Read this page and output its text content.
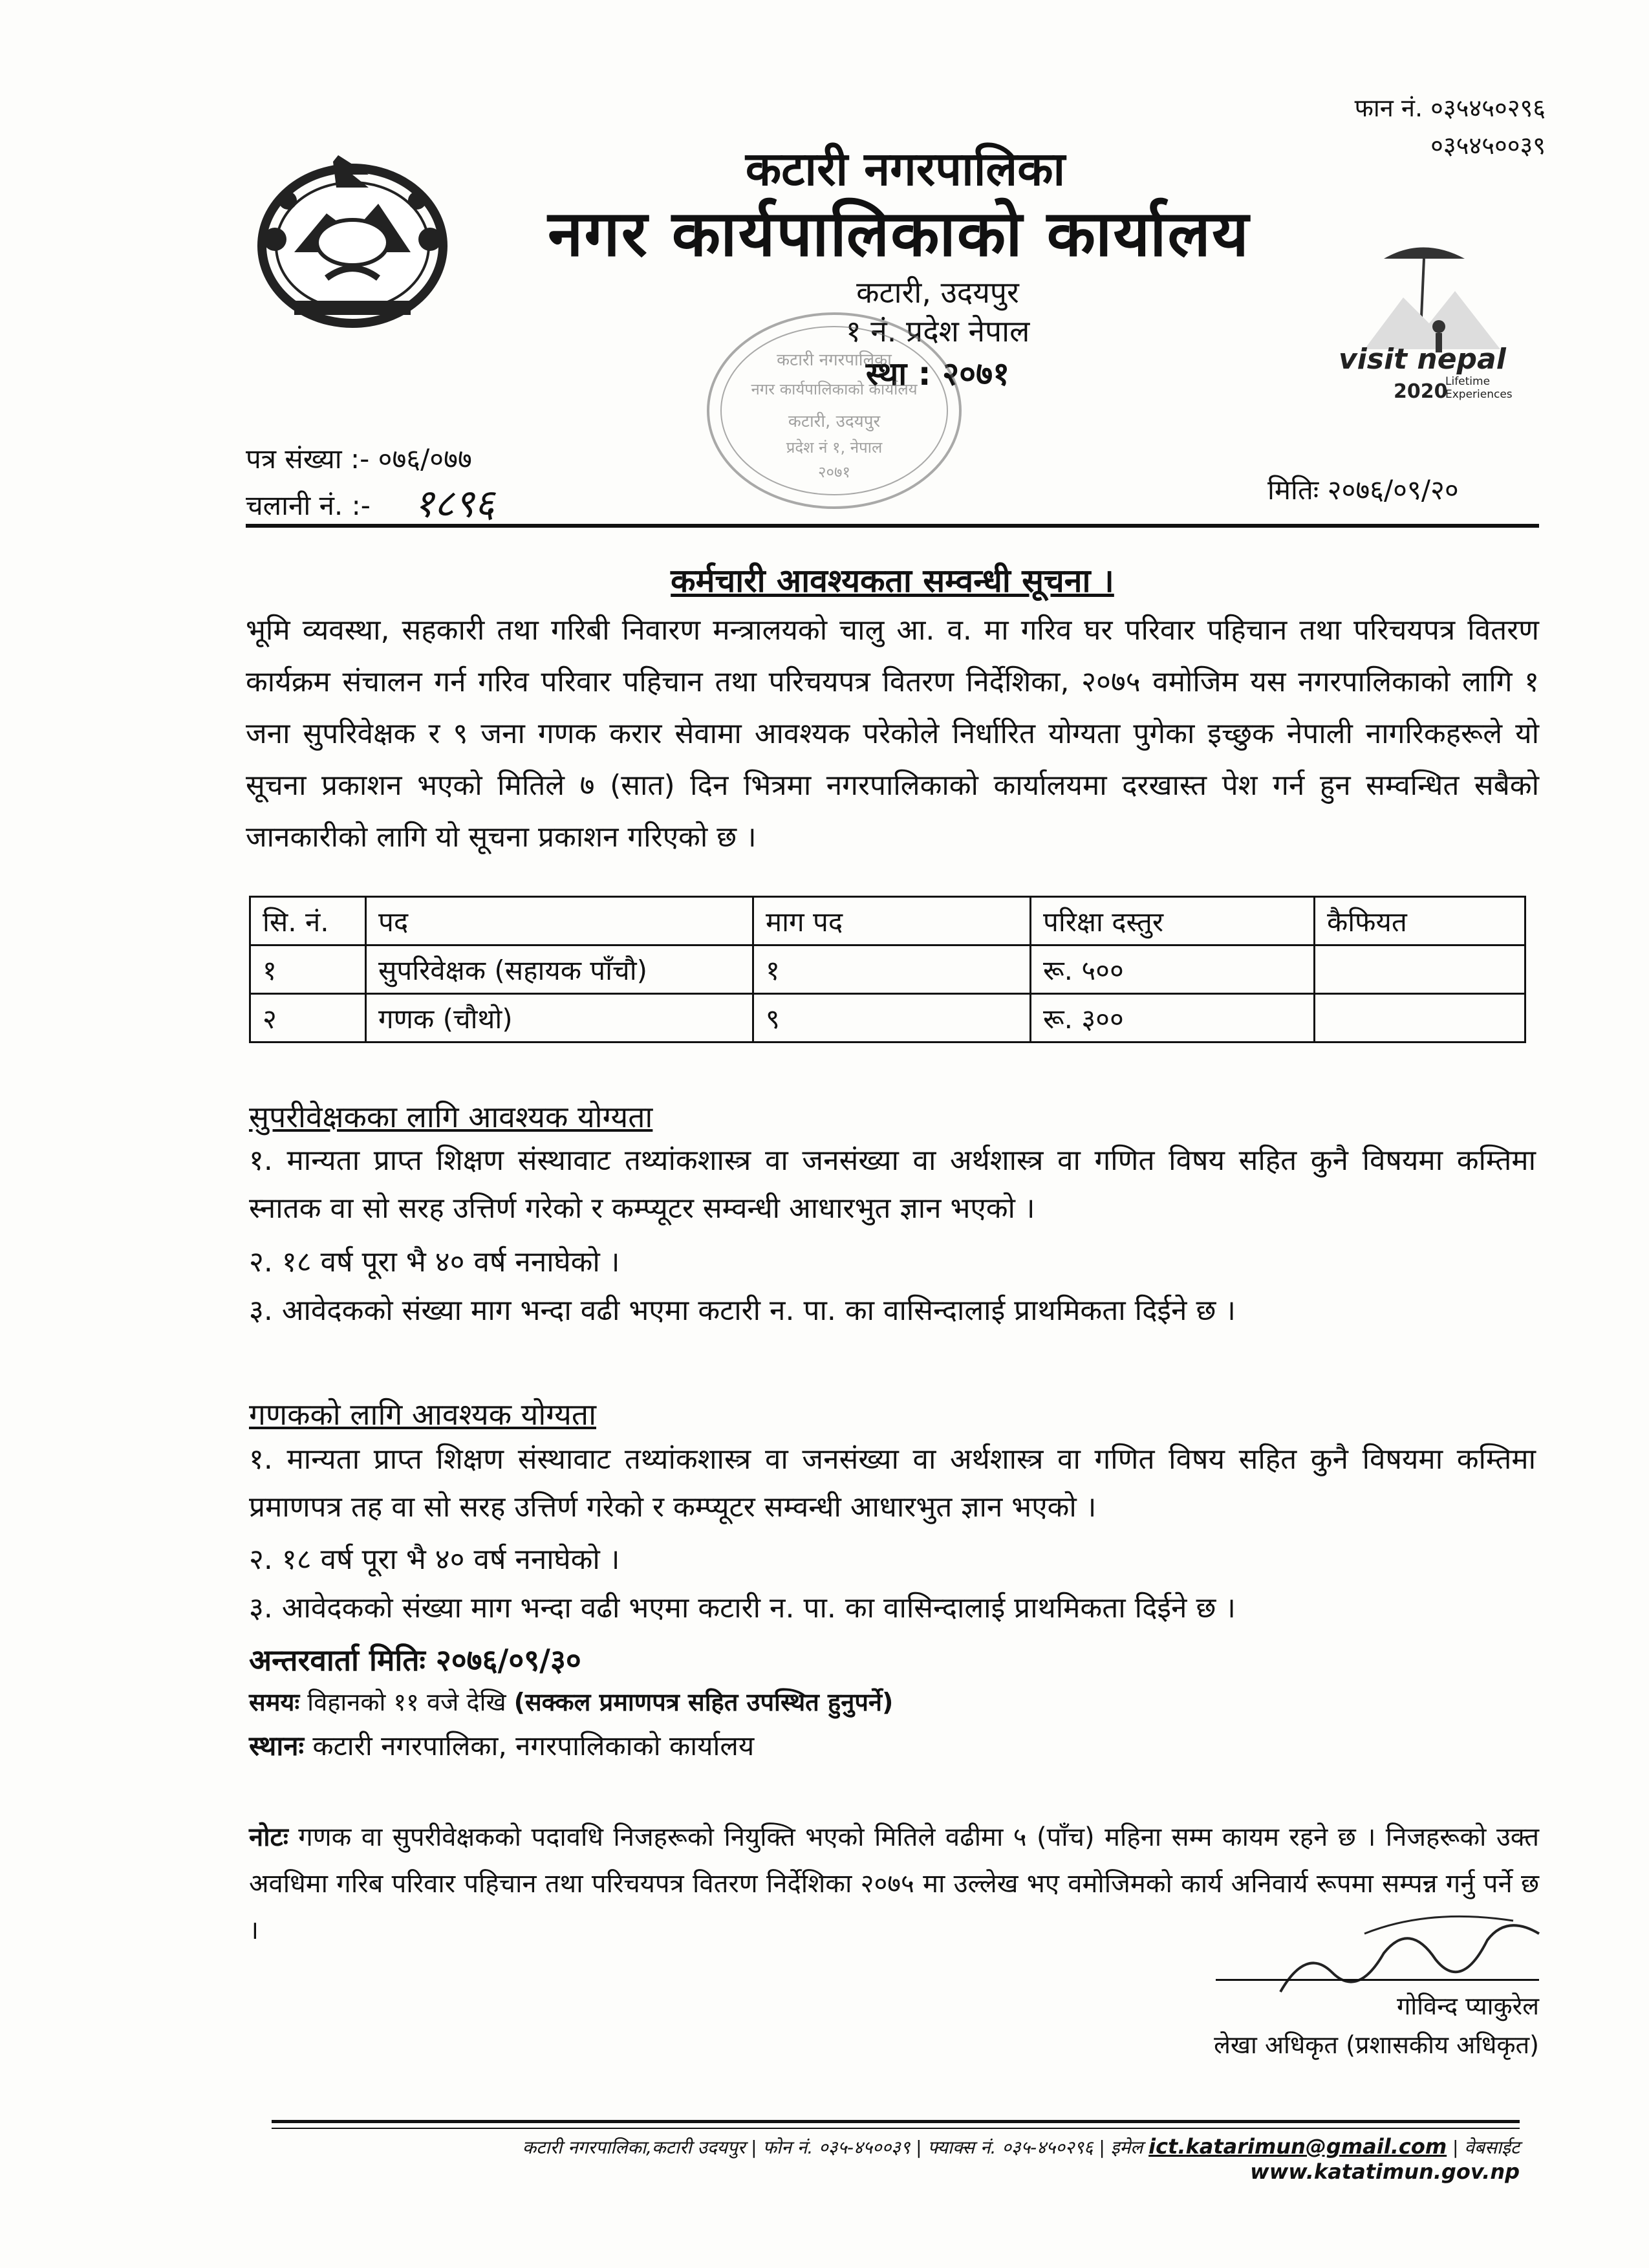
कटारी नगरपालिका
नगर कार्यपालिकाको कार्यालय
कटारी, उदयपुर
१ नं. प्रदेश नेपाल
स्था : २०७१
फान नं. ०३५४५०२९६
०३५४५००३९
कटारी नगरपालिका
नगर कार्यपालिकाको कार्यालय
कटारी, उदयपुर
प्रदेश नं १, नेपाल
२०७१
visit nepal
2020
Lifetime
Experiences
पत्र संख्या :- ०७६/०७७
चलानी नं. :- १८९६	मितिः २०७६/०९/२०
कर्मचारी आवश्यकता सम्वन्धी सूचना ।
भूमि व्यवस्था, सहकारी तथा गरिबी निवारण मन्त्रालयको चालु आ. व. मा गरिव घर परिवार पहिचान तथा परिचयपत्र वितरण कार्यक्रम संचालन गर्न गरिव परिवार पहिचान तथा परिचयपत्र वितरण निर्देशिका, २०७५ वमोजिम यस नगरपालिकाको लागि १ जना सुपरिवेक्षक र ९ जना गणक करार सेवामा आवश्यक परेकोले निर्धारित योग्यता पुगेका इच्छुक नेपाली नागरिकहरूले यो सूचना प्रकाशन भएको मितिले ७ (सात) दिन भित्रमा नगरपालिकाको कार्यालयमा दरखास्त पेश गर्न हुन सम्वन्धित सबैको जानकारीको लागि यो सूचना प्रकाशन गरिएको छ ।
सि. नं.	पद	माग पद	परिक्षा दस्तुर	कैफियत
१	सुपरिवेक्षक (सहायक पाँचौ)	१	रू. ५००	
२	गणक (चौथो)	९	रू. ३००	
सुपरीवेक्षकका लागि आवश्यक योग्यता
१. मान्यता प्राप्त शिक्षण संस्थावाट तथ्यांकशास्त्र वा जनसंख्या वा अर्थशास्त्र वा गणित विषय सहित कुनै विषयमा कम्तिमा स्नातक वा सो सरह उत्तिर्ण गरेको र कम्प्यूटर सम्वन्धी आधारभुत ज्ञान भएको ।
२. १८ वर्ष पूरा भै ४० वर्ष ननाघेको ।
३. आवेदकको संख्या माग भन्दा वढी भएमा कटारी न. पा. का वासिन्दालाई प्राथमिकता दिईने छ ।
गणकको लागि आवश्यक योग्यता
१. मान्यता प्राप्त शिक्षण संस्थावाट तथ्यांकशास्त्र वा जनसंख्या वा अर्थशास्त्र वा गणित विषय सहित कुनै विषयमा कम्तिमा प्रमाणपत्र तह वा सो सरह उत्तिर्ण गरेको र कम्प्यूटर सम्वन्धी आधारभुत ज्ञान भएको ।
२. १८ वर्ष पूरा भै ४० वर्ष ननाघेको ।
३. आवेदकको संख्या माग भन्दा वढी भएमा कटारी न. पा. का वासिन्दालाई प्राथमिकता दिईने छ ।
अन्तरवार्ता मितिः २०७६/०९/३०
समयः विहानको ११ वजे देखि (सक्कल प्रमाणपत्र सहित उपस्थित हुनुपर्ने)
स्थानः कटारी नगरपालिका, नगरपालिकाको कार्यालय
नोटः गणक वा सुपरीवेक्षकको पदावधि निजहरूको नियुक्ति भएको मितिले वढीमा ५ (पाँच) महिना सम्म कायम रहने छ । निजहरूको उक्त अवधिमा गरिब परिवार पहिचान तथा परिचयपत्र वितरण निर्देशिका २०७५ मा उल्लेख भए वमोजिमको कार्य अनिवार्य रूपमा सम्पन्न गर्नु पर्ने छ ।
गोविन्द प्याकुरेल
लेखा अधिकृत (प्रशासकीय अधिकृत)
कटारी नगरपालिका,कटारी उदयपुर | फोन नं. ०३५-४५००३९ | फ्याक्स नं. ०३५-४५०२९६ | इमेल ict.katarimun@gmail.com | वेबसाईट www.katatimun.gov.np
